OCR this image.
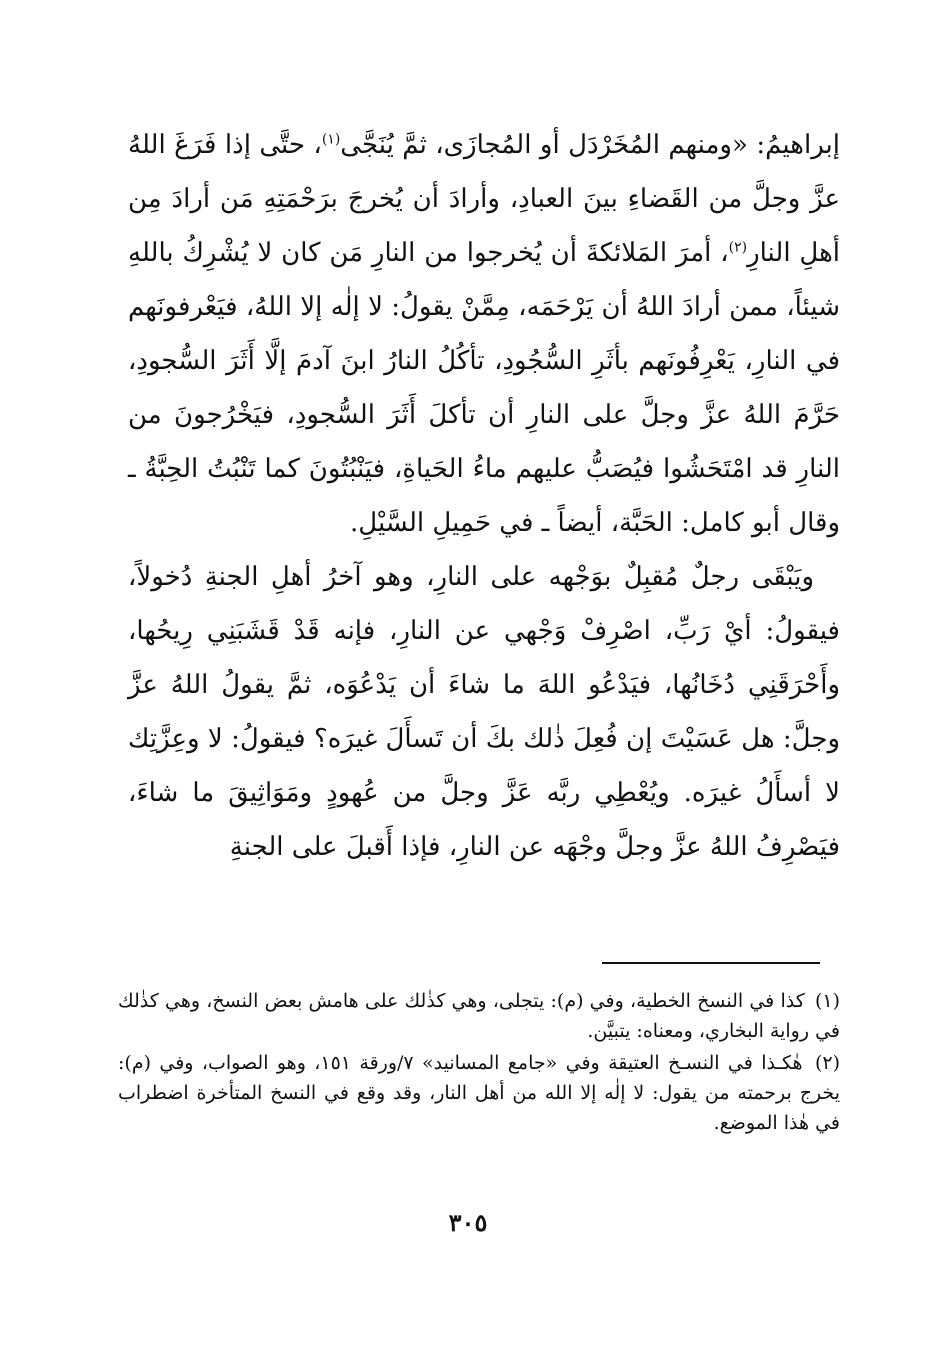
إبراهيمُ: «ومنهم المُخَرْدَل أو المُجازَى، ثمَّ يُنَجَّى$^{(١)}$، حتَّى إذا فَرَغَ اللهُ عزَّ وجلَّ من القَضاءِ بينَ العبادِ، وأرادَ أن يُخرجَ برَحْمَتِهِ مَن أرادَ مِن أهلِ النارِ$^{(٢)}$، أمرَ المَلائكةَ أن يُخرجوا من النارِ مَن كان لا يُشْرِكُ باللهِ شيئاً، ممن أرادَ اللهُ أن يَرْحَمَه، مِمَّنْ يقولُ: لا إلٰه إلا اللهُ، فيَعْرفونَهم في النارِ، يَعْرِفُونَهم بأثَرِ السُّجُودِ، تأكُلُ النارُ ابنَ آدمَ إلَّا أَثَرَ السُّجودِ، حَرَّمَ اللهُ عزَّ وجلَّ على النارِ أن تأكلَ أَثَرَ السُّجودِ، فيَخْرُجونَ من النارِ قد امْتَحَشُوا فيُصَبُّ عليهم ماءُ الحَياةِ، فيَنْبُتُونَ كما تَنْبُتُ الحِبَّةُ ـ وقال أبو كامل: الحَبَّة، أيضاً ـ في حَمِيلِ السَّيْلِ.

ويَبْقَى رجلٌ مُقبِلٌ بوَجْهه على النارِ، وهو آخرُ أهلِ الجنةِ دُخولاً، فيقولُ: أيْ رَبِّ، اصْرِفْ وَجْهي عن النارِ، فإنه قَدْ قَشَبَنِي رِيحُها، وأَحْرَقَنِي دُخَانُها، فيَدْعُو اللهَ ما شاءَ أن يَدْعُوَه، ثمَّ يقولُ اللهُ عزَّ وجلَّ: هل عَسَيْتَ إن فُعِلَ ذٰلك بكَ أن تَسأَلَ غيرَه؟ فيقولُ: لا وعِزَّتِك لا أسأَلُ غيرَه. ويُعْطِي ربَّه عَزَّ وجلَّ من عُهودٍ ومَوَاثِيقَ ما شاءَ، فيَصْرِفُ اللهُ عزَّ وجلَّ وجْهَه عن النارِ، فإذا أَقبلَ على الجنةِ

(١) كذا في النسخ الخطية، وفي (م): يتجلى، وهي كذٰلك على هامش بعض النسخ، وهي كذٰلك في رواية البخاري، ومعناه: يتبيَّن.

(٢) هٰكـذا في النسـخ العتيقة وفي «جامع المسانيد» ٧/ورقة ١٥١، وهو الصواب، وفي (م): يخرج برحمته من يقول: لا إلٰه إلا الله من أهل النار، وقد وقع في النسخ المتأخرة اضطراب في هٰذا الموضع.

٣٠٥
